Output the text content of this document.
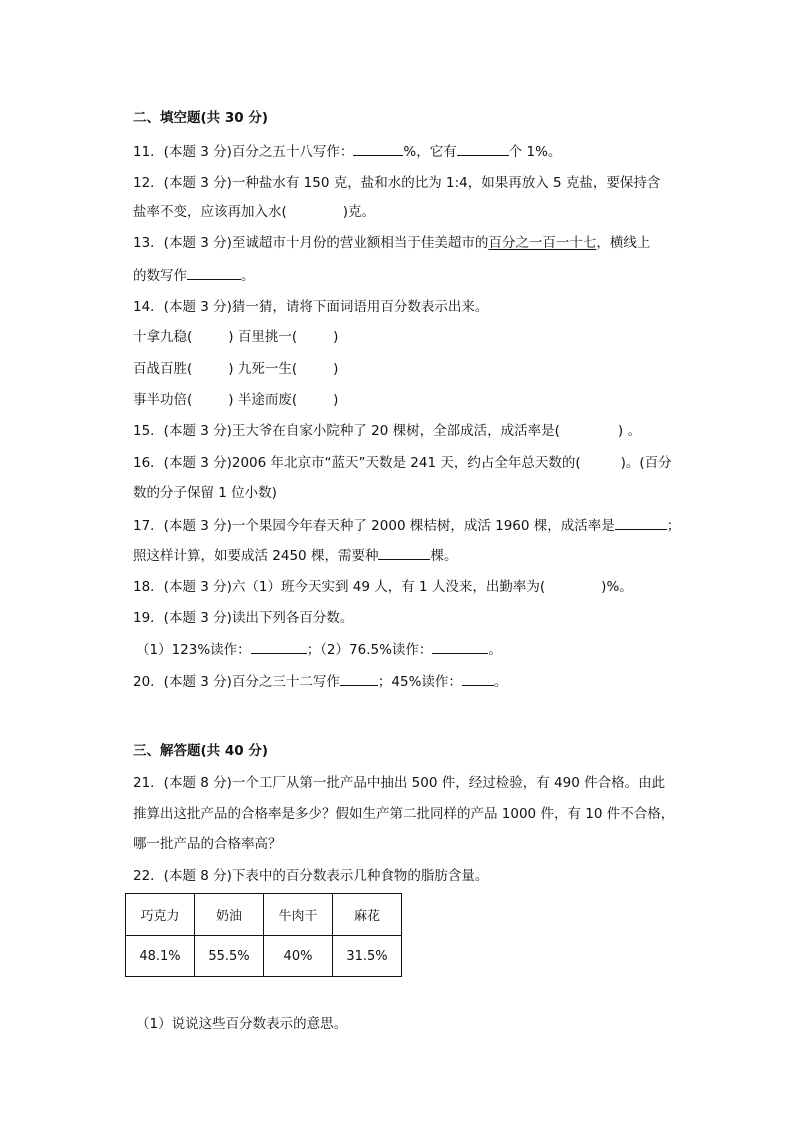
二、填空题(共 30 分)
11．(本题 3 分)百分之五十八写作：	%，它有	个 1%。
12．(本题 3 分)一种盐水有 150 克，盐和水的比为 1:4，如果再放入 5 克盐，要保持含
盐率不变，应该再加入水(	)克。
13．(本题 3 分)至诚超市十月份的营业额相当于佳美超市的百分之一百一十七，横线上
的数写作	。
14．(本题 3 分)猜一猜，请将下面词语用百分数表示出来。
十拿九稳(	) 百里挑一(	)
百战百胜(	) 九死一生(	)
事半功倍(	) 半途而废(	)
15．(本题 3 分)王大爷在自家小院种了 20 棵树，全部成活，成活率是(	) 。
16．(本题 3 分)2006 年北京市“蓝天”天数是 241 天，约占全年总天数的(	)。(百分
数的分子保留 1 位小数)
17．(本题 3 分)一个果园今年春天种了 2000 棵桔树，成活 1960 棵，成活率是	；
照这样计算，如要成活 2450 棵，需要种	棵。
18．(本题 3 分)六（1）班今天实到 49 人，有 1 人没来，出勤率为(	)%。
19．(本题 3 分)读出下列各百分数。
（1）123%读作：	；（2）76.5%读作：	。
20．(本题 3 分)百分之三十二写作	；45%读作： 。
三、解答题(共 40 分)
21．(本题 8 分)一个工厂从第一批产品中抽出 500 件，经过检验，有 490 件合格。由此
推算出这批产品的合格率是多少？假如生产第二批同样的产品 1000 件，有 10 件不合格，
哪一批产品的合格率高？
22．(本题 8 分)下表中的百分数表示几种食物的脂肪含量。
巧克力	奶油	牛肉干	麻花
48.1%	55.5%	40%	31.5%
（1）说说这些百分数表示的意思。
